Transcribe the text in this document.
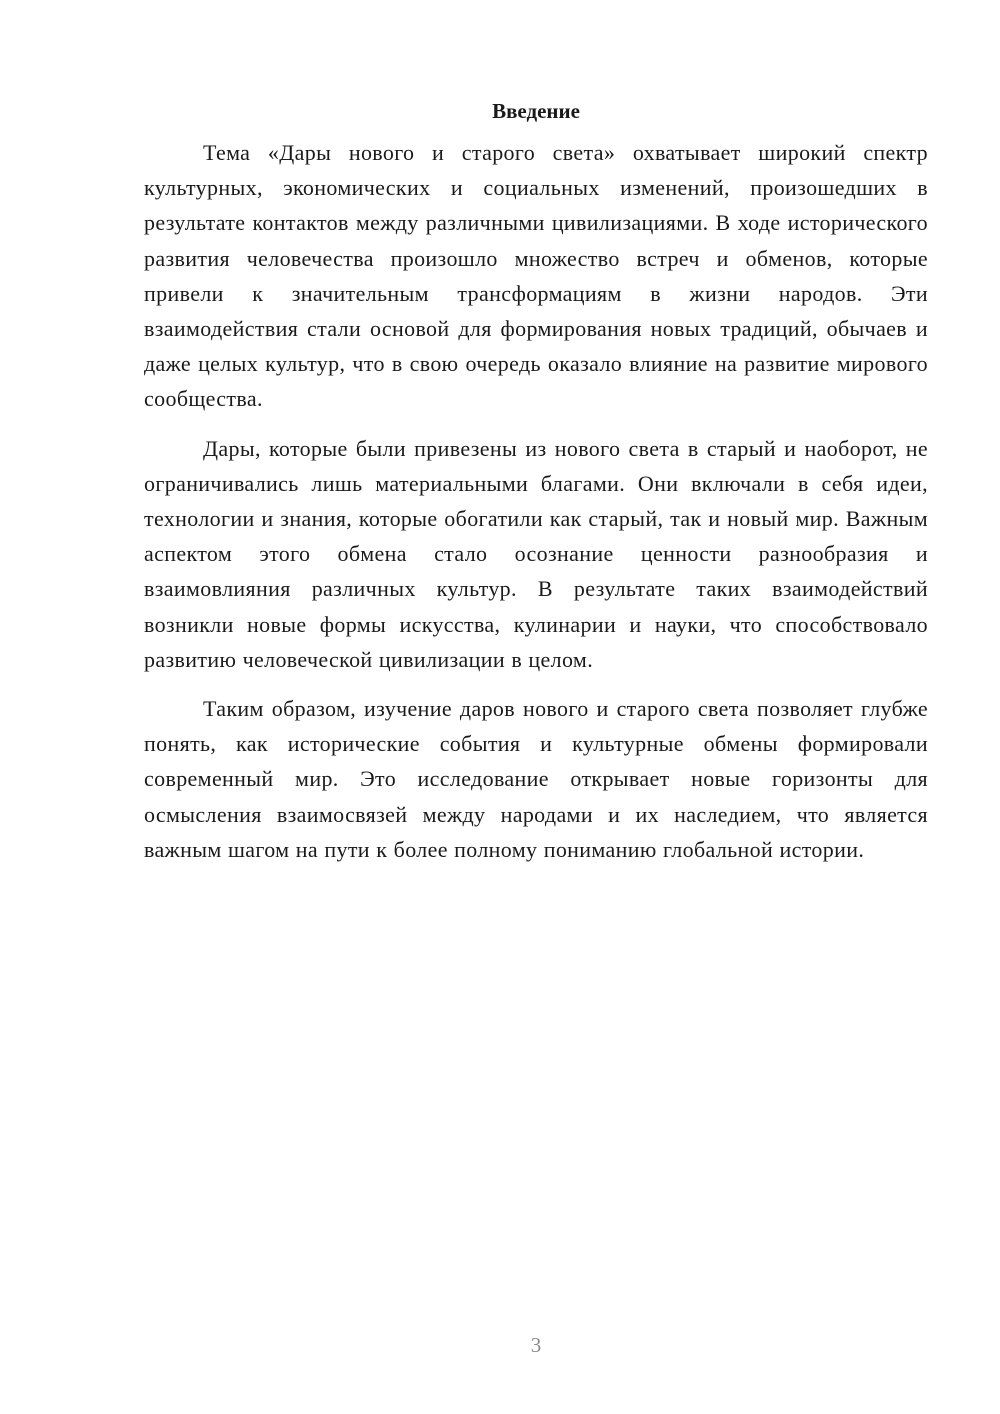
Введение

Тема «Дары нового и старого света» охватывает широкий спектр культурных, экономических и социальных изменений, произошедших в результате контактов между различными цивилизациями. В ходе исторического развития человечества произошло множество встреч и обменов, которые привели к значительным трансформациям в жизни народов. Эти взаимодействия стали основой для формирования новых традиций, обычаев и даже целых культур, что в свою очередь оказало влияние на развитие мирового сообщества.

Дары, которые были привезены из нового света в старый и наоборот, не ограничивались лишь материальными благами. Они включали в себя идеи, технологии и знания, которые обогатили как старый, так и новый мир. Важным аспектом этого обмена стало осознание ценности разнообразия и взаимовлияния различных культур. В результате таких взаимодействий возникли новые формы искусства, кулинарии и науки, что способствовало развитию человеческой цивилизации в целом.

Таким образом, изучение даров нового и старого света позволяет глубже понять, как исторические события и культурные обмены формировали современный мир. Это исследование открывает новые горизонты для осмысления взаимосвязей между народами и их наследием, что является важным шагом на пути к более полному пониманию глобальной истории.

3
